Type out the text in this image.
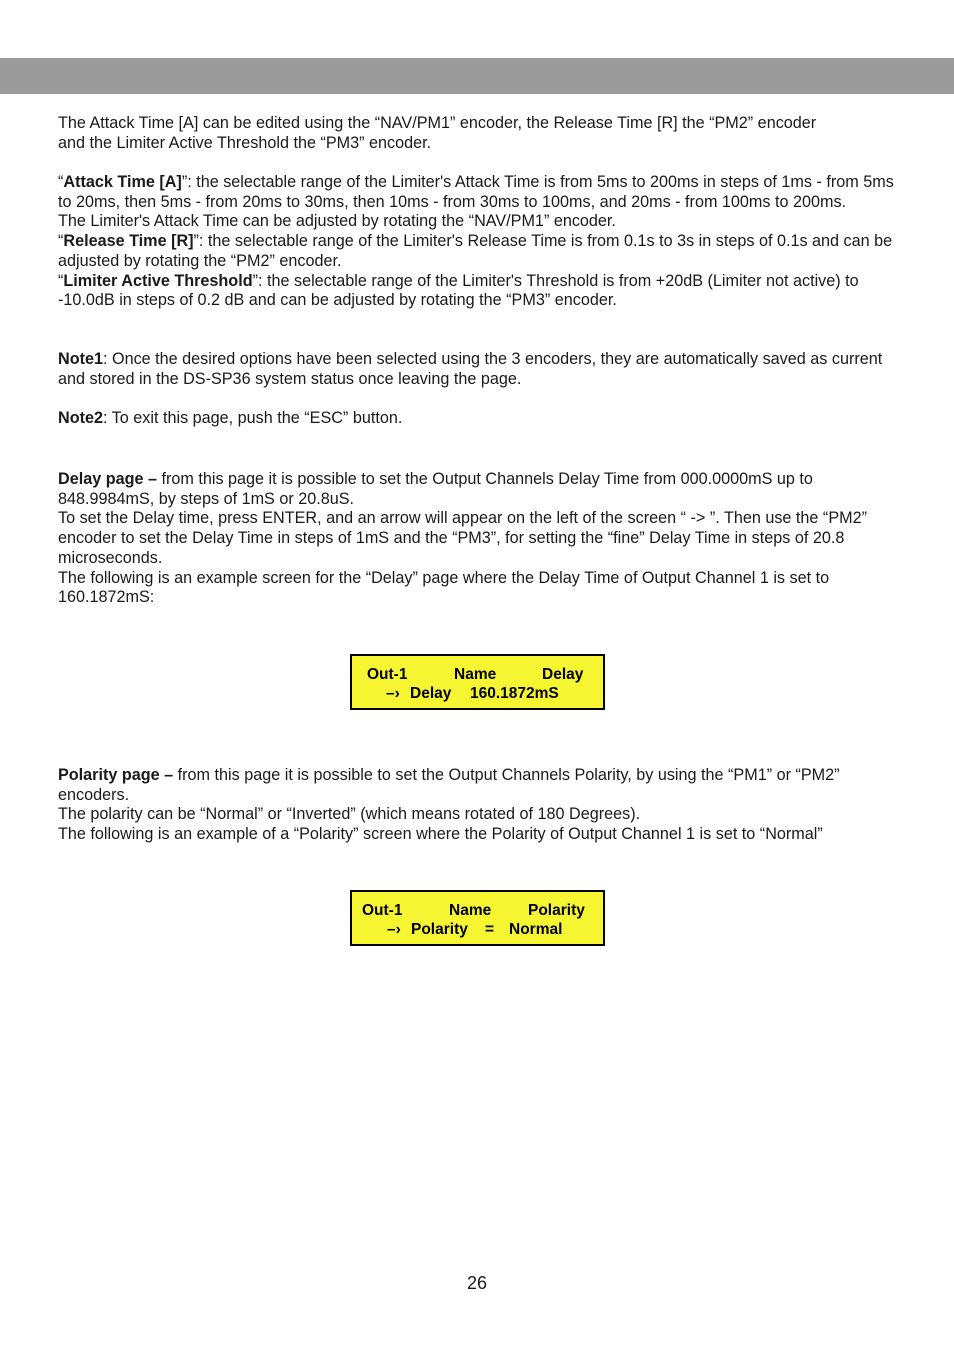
The Attack Time [A] can be edited using the “NAV/PM1” encoder, the Release Time [R] the “PM2” encoder

and the Limiter Active Threshold the “PM3” encoder.

“Attack Time [A]”: the selectable range of the Limiter's Attack Time is from 5ms to 200ms in steps of 1ms - from 5ms to 20ms, then 5ms - from 20ms to 30ms, then 10ms - from 30ms to 100ms, and 20ms - from 100ms to 200ms.

The Limiter's Attack Time can be adjusted by rotating the “NAV/PM1” encoder.

“Release Time [R]”: the selectable range of the Limiter's Release Time is from 0.1s to 3s in steps of 0.1s and can be adjusted by rotating the “PM2” encoder.

“Limiter Active Threshold”: the selectable range of the Limiter's Threshold is from +20dB (Limiter not active) to -10.0dB in steps of 0.2 dB and can be adjusted by rotating the “PM3” encoder.

Note1: Once the desired options have been selected using the 3 encoders, they are automatically saved as current and stored in the DS-SP36 system status once leaving the page.

Note2: To exit this page, push the “ESC” button.

Delay page – from this page it is possible to set the Output Channels Delay Time from 000.0000mS up to 848.9984mS, by steps of 1mS or 20.8uS.

To set the Delay time, press ENTER, and an arrow will appear on the left of the screen “ -> ”. Then use the “PM2” encoder to set the Delay Time in steps of 1mS and the “PM3”, for setting the “fine” Delay Time in steps of 20.8 microseconds.

The following is an example screen for the “Delay” page where the Delay Time of Output Channel 1 is set to 160.1872mS:

Out-1	Name	Delay
–› Delay 160.1872mS

Polarity page – from this page it is possible to set the Output Channels Polarity, by using the “PM1” or “PM2” encoders.

The polarity can be “Normal” or “Inverted” (which means rotated of 180 Degrees).

The following is an example of a “Polarity” screen where the Polarity of Output Channel 1 is set to “Normal”

Out-1	Name Polarity
–› Polarity = Normal
26
